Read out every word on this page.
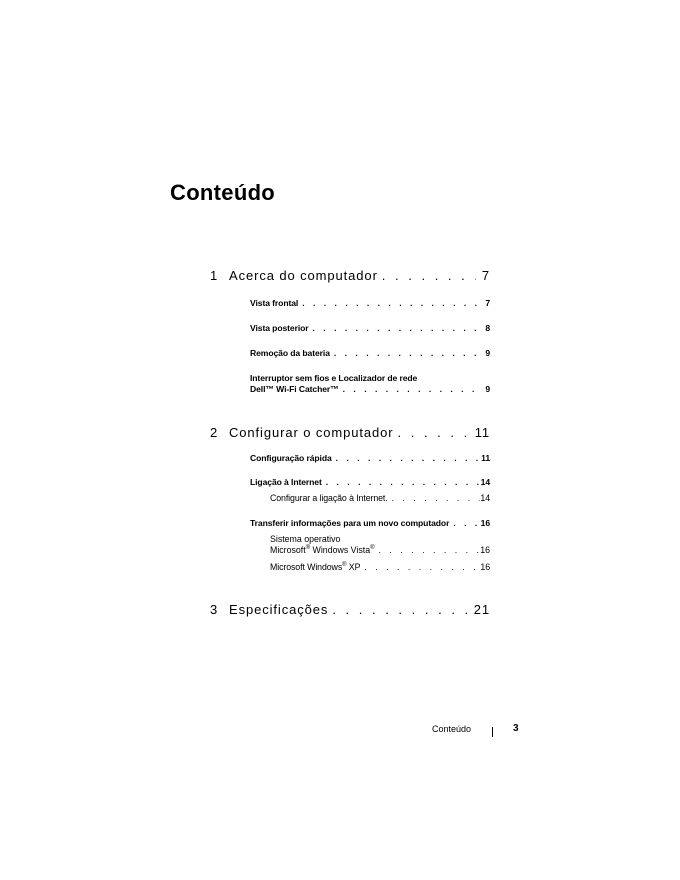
Conteúdo
1 Acerca do computador . . .	7
Vista frontal . . .	7
Vista posterior . . .	8
Remoção da bateria . . .	9
Interruptor sem fios e Localizador de rede
Dell™ Wi-Fi Catcher™ . . .	9
2 Configurar o computador . . .	11
Configuração rápida . . .	11
Ligação à Internet . . .	14
Configurar a ligação à Internet. . . .	14
Transferir informações para um novo computador . . .	16
Sistema operativo
Microsoft® Windows Vista® . . .	16
Microsoft Windows® XP . . .	16
3 Especificações . . .	21
Conteúdo	3
